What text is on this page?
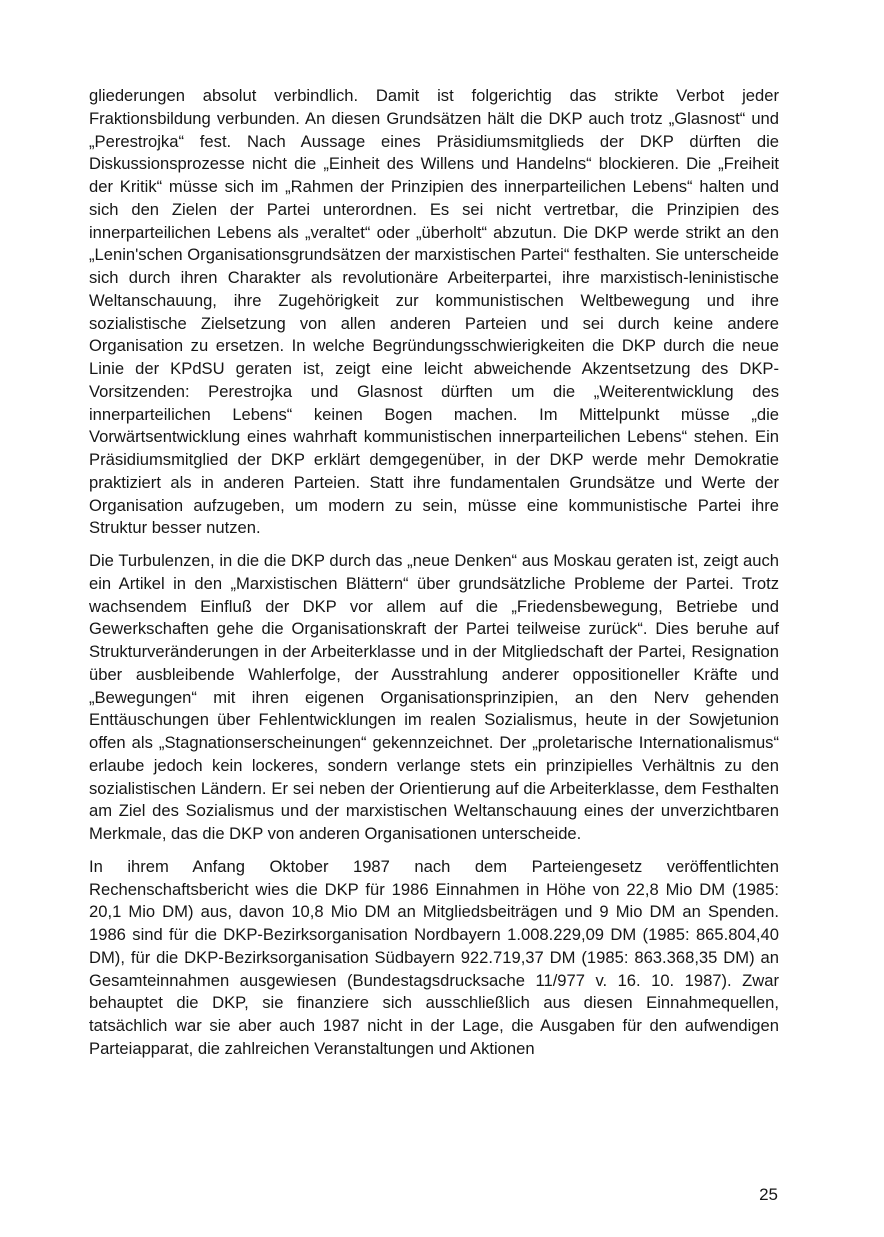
gliederungen absolut verbindlich. Damit ist folgerichtig das strikte Verbot jeder Fraktionsbildung verbunden. An diesen Grundsätzen hält die DKP auch trotz „Glasnost“ und „Perestrojka“ fest. Nach Aussage eines Präsidiumsmitglieds der DKP dürften die Diskussionsprozesse nicht die „Einheit des Willens und Handelns“ blockieren. Die „Freiheit der Kritik“ müsse sich im „Rahmen der Prinzipien des innerparteilichen Lebens“ halten und sich den Zielen der Partei unterordnen. Es sei nicht vertretbar, die Prinzipien des innerparteilichen Lebens als „veraltet“ oder „überholt“ abzutun. Die DKP werde strikt an den „Lenin'schen Organisationsgrundsätzen der marxistischen Partei“ festhalten. Sie unterscheide sich durch ihren Charakter als revolutionäre Arbeiterpartei, ihre marxistisch-leninistische Weltanschauung, ihre Zugehörigkeit zur kommunistischen Weltbewegung und ihre sozialistische Zielsetzung von allen anderen Parteien und sei durch keine andere Organisation zu ersetzen. In welche Begründungsschwierigkeiten die DKP durch die neue Linie der KPdSU geraten ist, zeigt eine leicht abweichende Akzentsetzung des DKP-Vorsitzenden: Perestrojka und Glasnost dürften um die „Weiterentwicklung des innerparteilichen Lebens“ keinen Bogen machen. Im Mittelpunkt müsse „die Vorwärtsentwicklung eines wahrhaft kommunistischen innerparteilichen Lebens“ stehen. Ein Präsidiumsmitglied der DKP erklärt demgegenüber, in der DKP werde mehr Demokratie praktiziert als in anderen Parteien. Statt ihre fundamentalen Grundsätze und Werte der Organisation aufzugeben, um modern zu sein, müsse eine kommunistische Partei ihre Struktur besser nutzen.

Die Turbulenzen, in die die DKP durch das „neue Denken“ aus Moskau geraten ist, zeigt auch ein Artikel in den „Marxistischen Blättern“ über grundsätzliche Probleme der Partei. Trotz wachsendem Einfluß der DKP vor allem auf die „Friedensbewegung, Betriebe und Gewerkschaften gehe die Organisationskraft der Partei teilweise zurück“. Dies beruhe auf Strukturveränderungen in der Arbeiterklasse und in der Mitgliedschaft der Partei, Resignation über ausbleibende Wahlerfolge, der Ausstrahlung anderer oppositioneller Kräfte und „Bewegungen“ mit ihren eigenen Organisationsprinzipien, an den Nerv gehenden Enttäuschungen über Fehlentwicklungen im realen Sozialismus, heute in der Sowjetunion offen als „Stagnationserscheinungen“ gekennzeichnet. Der „proletarische Internationalismus“ erlaube jedoch kein lockeres, sondern verlange stets ein prinzipielles Verhältnis zu den sozialistischen Ländern. Er sei neben der Orientierung auf die Arbeiterklasse, dem Festhalten am Ziel des Sozialismus und der marxistischen Weltanschauung eines der unverzichtbaren Merkmale, das die DKP von anderen Organisationen unterscheide.

In ihrem Anfang Oktober 1987 nach dem Parteiengesetz veröffentlichten Rechenschaftsbericht wies die DKP für 1986 Einnahmen in Höhe von 22,8 Mio DM (1985: 20,1 Mio DM) aus, davon 10,8 Mio DM an Mitgliedsbeiträgen und 9 Mio DM an Spenden. 1986 sind für die DKP-Bezirksorganisation Nordbayern 1.008.229,09 DM (1985: 865.804,40 DM), für die DKP-Bezirksorganisation Südbayern 922.719,37 DM (1985: 863.368,35 DM) an Gesamteinnahmen ausgewiesen (Bundestagsdrucksache 11/977 v. 16. 10. 1987). Zwar behauptet die DKP, sie finanziere sich ausschließlich aus diesen Einnahmequellen, tatsächlich war sie aber auch 1987 nicht in der Lage, die Ausgaben für den aufwendigen Parteiapparat, die zahlreichen Veranstaltungen und Aktionen

25
